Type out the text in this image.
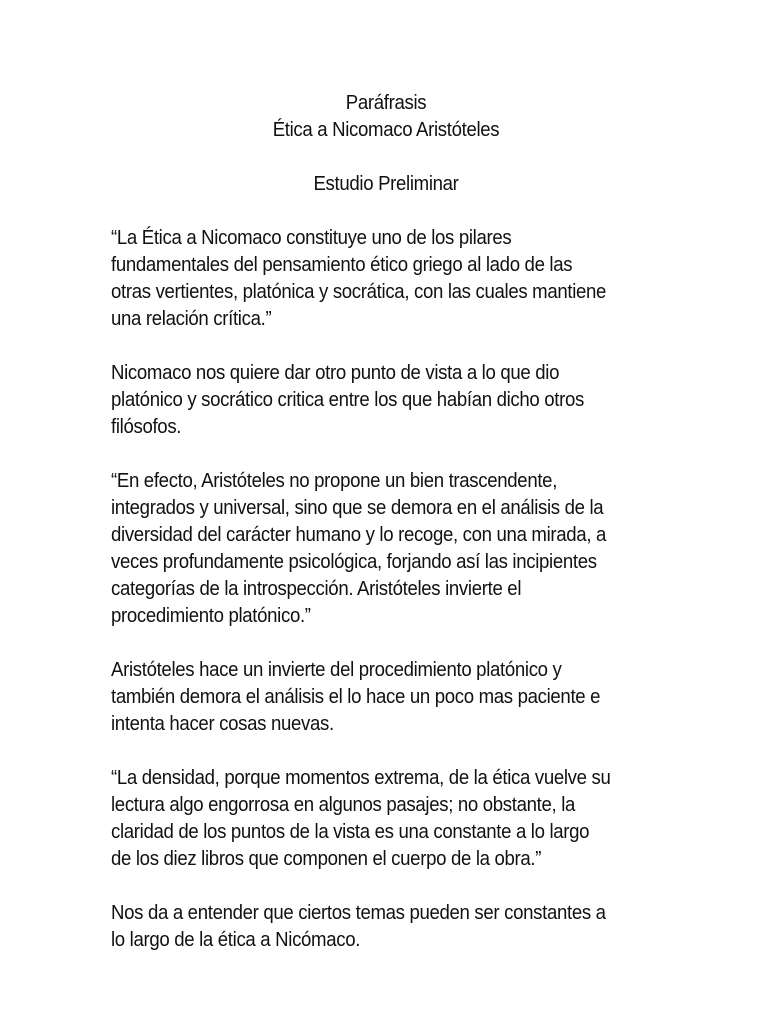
Paráfrasis
Ética a Nicomaco Aristóteles
Estudio Preliminar
“La Ética a Nicomaco constituye uno de los pilares
fundamentales del pensamiento ético griego al lado de las
otras vertientes, platónica y socrática, con las cuales mantiene
una relación crítica.”
Nicomaco nos quiere dar otro punto de vista a lo que dio
platónico y socrático critica entre los que habían dicho otros
filósofos.
“En efecto, Aristóteles no propone un bien trascendente,
integrados y universal, sino que se demora en el análisis de la
diversidad del carácter humano y lo recoge, con una mirada, a
veces profundamente psicológica, forjando así las incipientes
categorías de la introspección. Aristóteles invierte el
procedimiento platónico.”
Aristóteles hace un invierte del procedimiento platónico y
también demora el análisis el lo hace un poco mas paciente e
intenta hacer cosas nuevas.
“La densidad, porque momentos extrema, de la ética vuelve su
lectura algo engorrosa en algunos pasajes; no obstante, la
claridad de los puntos de la vista es una constante a lo largo
de los diez libros que componen el cuerpo de la obra.”
Nos da a entender que ciertos temas pueden ser constantes a
lo largo de la ética a Nicómaco.
